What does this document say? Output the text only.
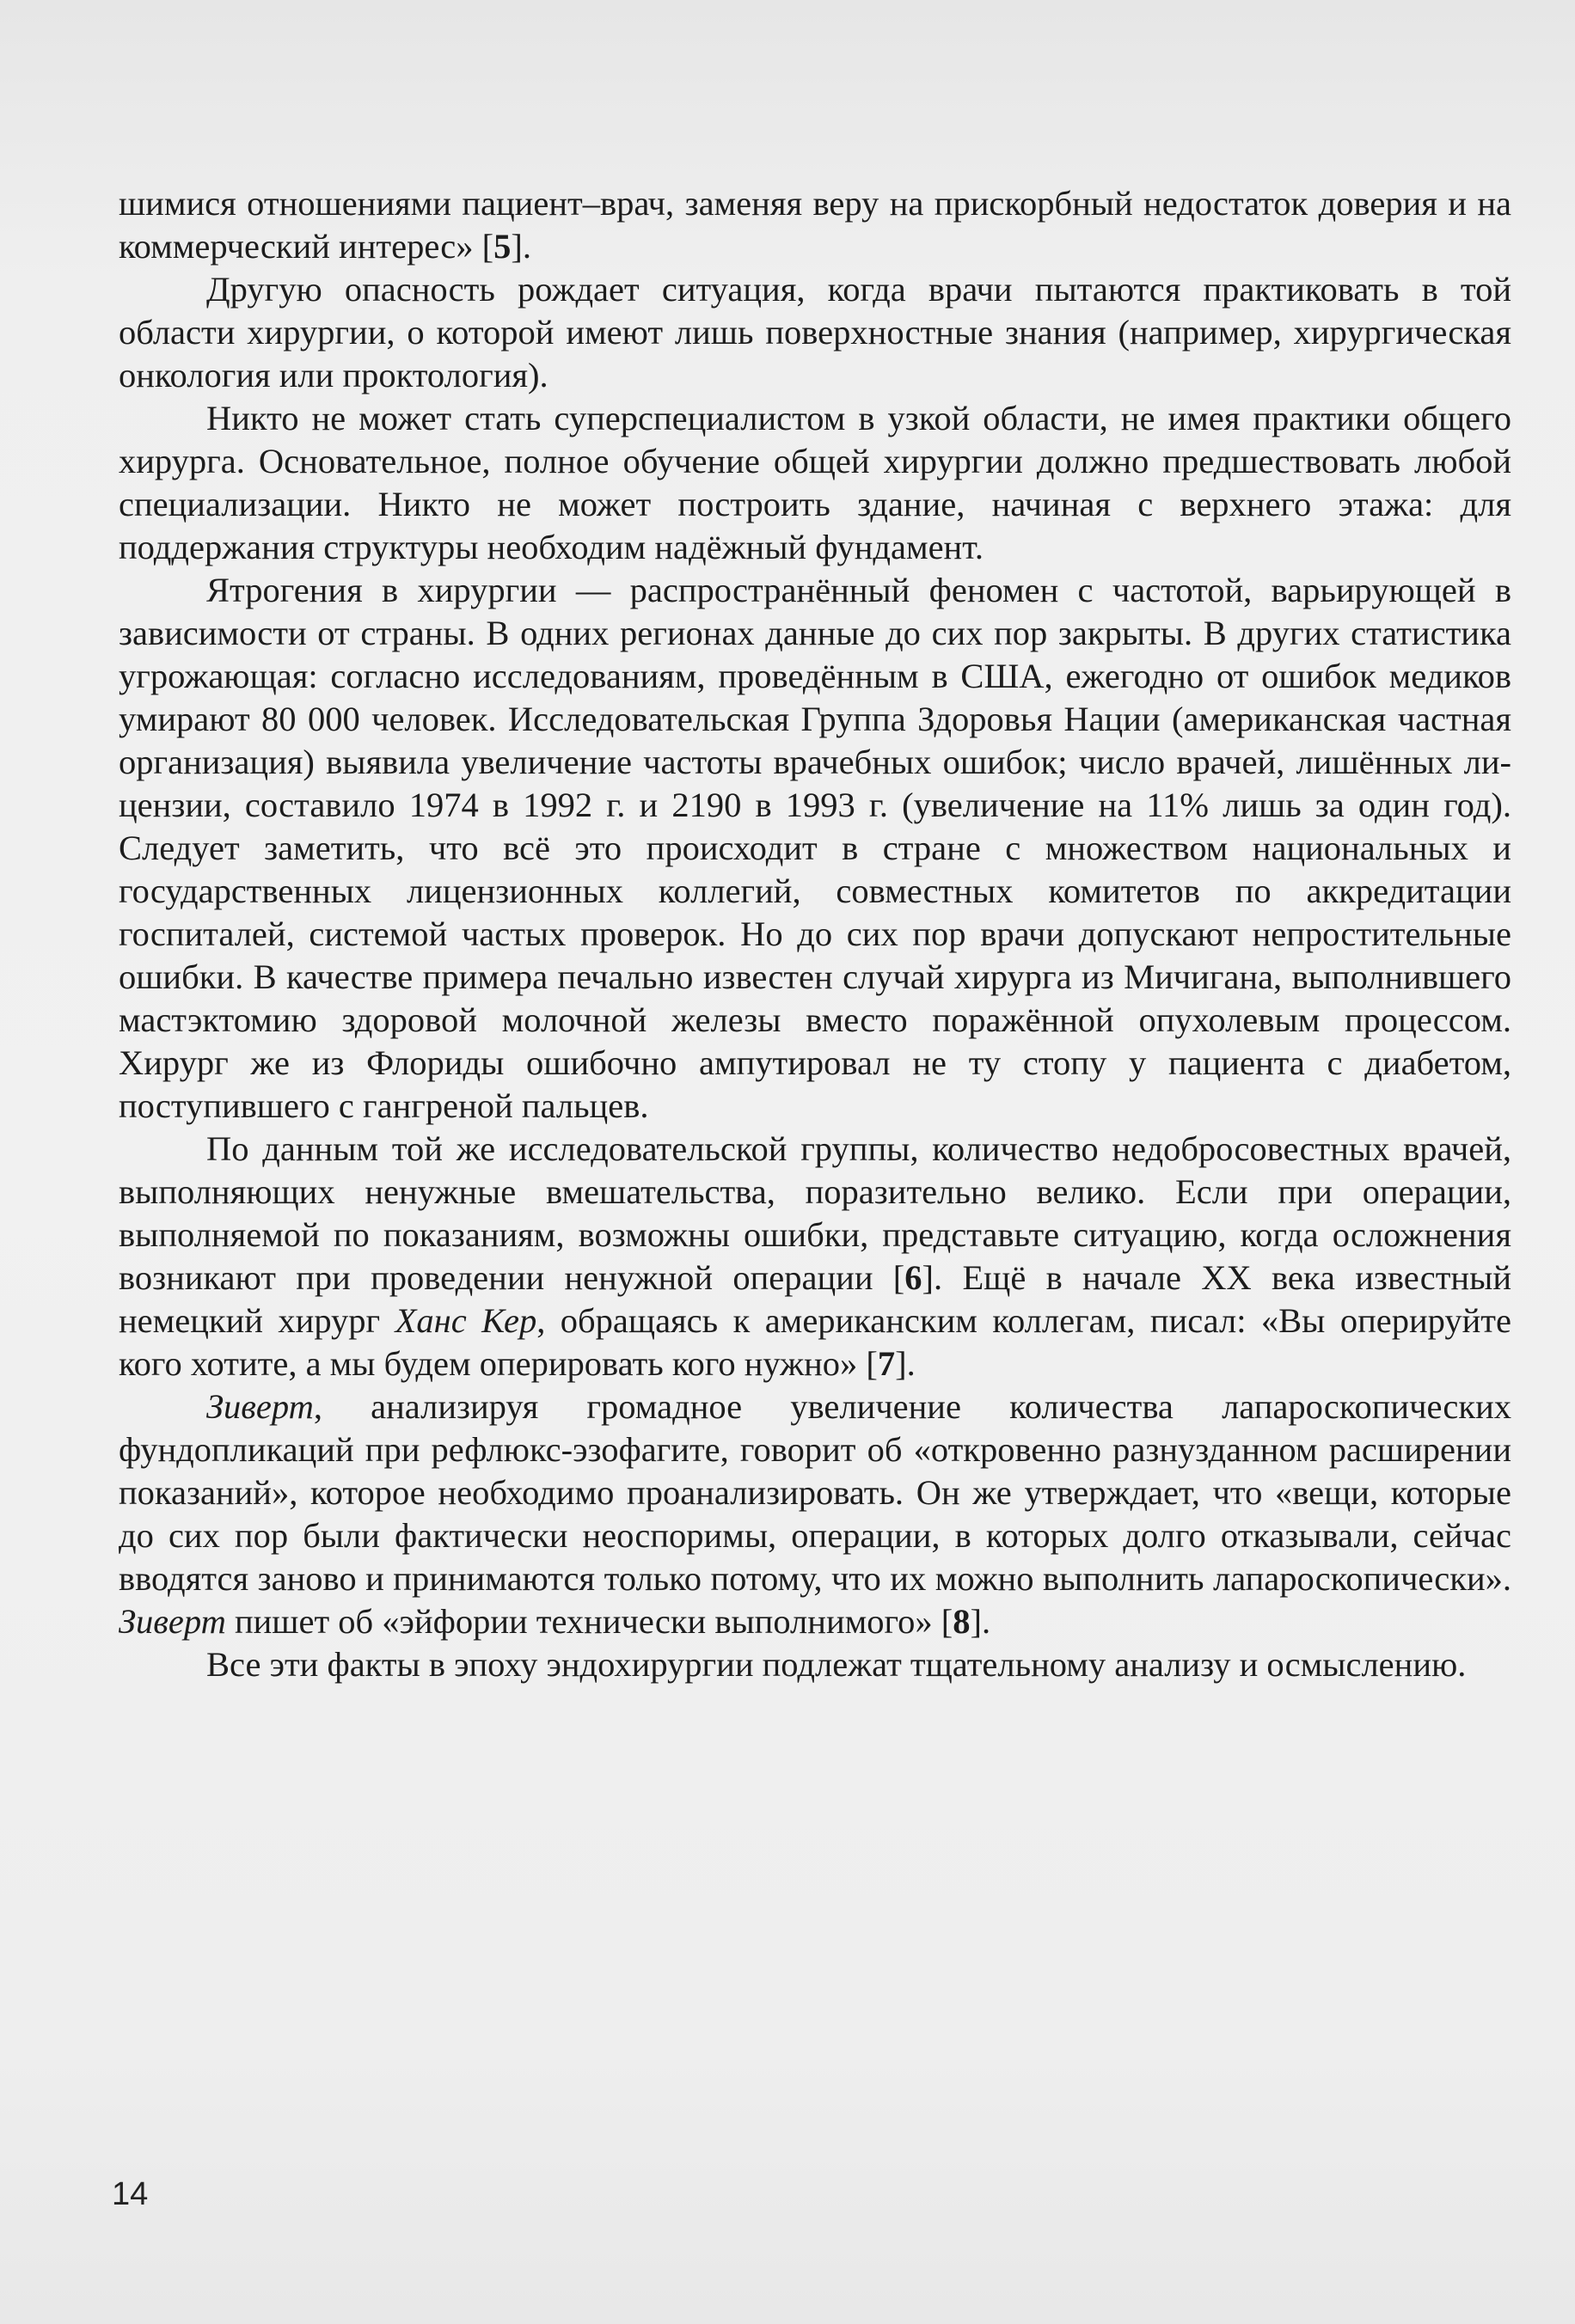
шимися отношениями пациент–врач, заменяя веру на прискорбный недостаток доверия и на коммерческий интерес» [5].

Другую опасность рождает ситуация, когда врачи пытаются практиковать в той области хирургии, о которой имеют лишь поверхностные знания (например, хирургическая онкология или проктология).

Никто не может стать суперспециалистом в узкой области, не имея практики общего хирурга. Основательное, полное обучение общей хирургии должно предшествовать любой специализации. Никто не может построить здание, начиная с верхнего этажа: для поддержания структуры необходим надёжный фундамент.

Ятрогения в хирургии — распространённый феномен с частотой, варьирующей в зависимости от страны. В одних регионах данные до сих пор закрыты. В других статистика угрожающая: согласно исследованиям, проведённым в США, ежегодно от ошибок медиков умирают 80 000 человек. Исследовательская Группа Здоровья Нации (американская частная организация) выявила увеличение частоты врачебных ошибок; число врачей, лишённых лицензии, составило 1974 в 1992 г. и 2190 в 1993 г. (увеличение на 11% лишь за один год). Следует заметить, что всё это происходит в стране с множеством национальных и государственных лицензионных коллегий, совместных комитетов по аккредитации госпиталей, системой частых проверок. Но до сих пор врачи допускают непростительные ошибки. В качестве примера печально известен случай хирурга из Мичигана, выполнившего мастэктомию здоровой молочной железы вместо поражённой опухолевым процессом. Хирург же из Флориды ошибочно ампутировал не ту стопу у пациента с диабетом, поступившего с гангреной пальцев.

По данным той же исследовательской группы, количество недобросовестных врачей, выполняющих ненужные вмешательства, поразительно велико. Если при операции, выполняемой по показаниям, возможны ошибки, представьте ситуацию, когда осложнения возникают при проведении ненужной операции [6]. Ещё в начале XX века известный немецкий хирург Ханс Кер, обращаясь к американским коллегам, писал: «Вы оперируйте кого хотите, а мы будем оперировать кого нужно» [7].

Зиверт, анализируя громадное увеличение количества лапароскопических фундопликаций при рефлюкс-эзофагите, говорит об «откровенно разнузданном расширении показаний», которое необходимо проанализировать. Он же утверждает, что «вещи, которые до сих пор были фактически неоспоримы, операции, в которых долго отказывали, сейчас вводятся заново и принимаются только потому, что их можно выполнить лапароскопически». Зиверт пишет об «эйфории технически выполнимого» [8].

Все эти факты в эпоху эндохирургии подлежат тщательному анализу и осмыслению.

14
